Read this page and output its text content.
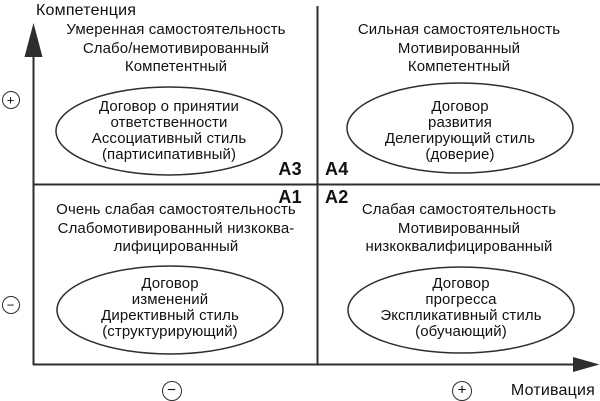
Компетенция
Мотивация
+
−
−	+
Умеренная самостоятельность
Слабо/немотивированный
Компетентный
Договор о принятии
ответственности
Ассоциативный стиль
(партисипативный)
А3
Сильная самостоятельность
Мотивированный
Компетентный
Договор
развития
Делегирующий стиль
(доверие)
А4
А1
Очень слабая самостоятельность
Слабомотивированный низкоква-
лифицированный
Договор
изменений
Директивный стиль
(структурирующий)
А2
Слабая самостоятельность
Мотивированный
низкоквалифицированный
Договор
прогресса
Экспликативный стиль
(обучающий)
